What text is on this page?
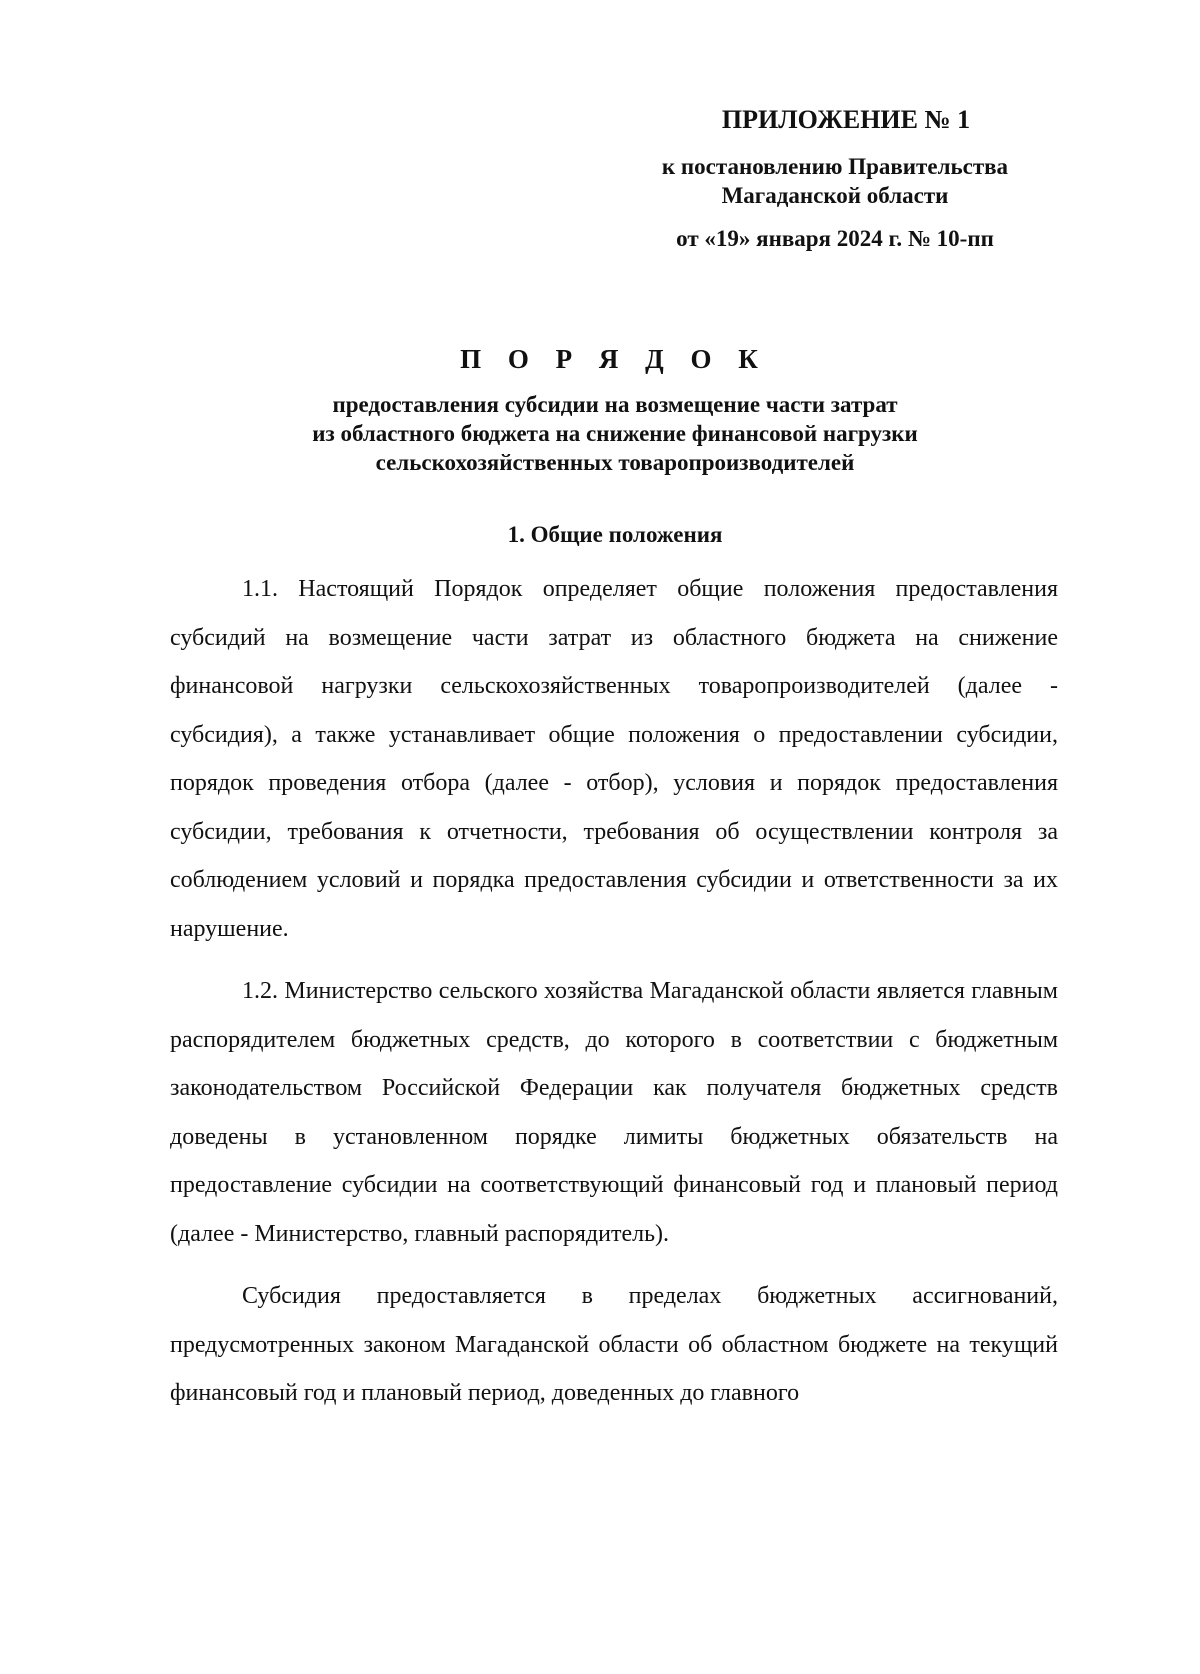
ПРИЛОЖЕНИЕ № 1

к постановлению Правительства

Магаданской области

от «19» января 2024 г. № 10-пп

П О Р Я Д О К
предоставления субсидии на возмещение части затрат
из областного бюджета на снижение финансовой нагрузки
сельскохозяйственных товаропроизводителей
1. Общие положения

1.1. Настоящий Порядок определяет общие положения предоставления субсидий на возмещение части затрат из областного бюджета на снижение финансовой нагрузки сельскохозяйственных товаропроизводителей (далее - субсидия), а также устанавливает общие положения о предоставлении субсидии, порядок проведения отбора (далее - отбор), условия и порядок предоставления субсидии, требования к отчетности, требования об осуществлении контроля за соблюдением условий и порядка предоставления субсидии и ответственности за их нарушение.

1.2. Министерство сельского хозяйства Магаданской области является главным распорядителем бюджетных средств, до которого в соответствии с бюджетным законодательством Российской Федерации как получателя бюджетных средств доведены в установленном порядке лимиты бюджетных обязательств на предоставление субсидии на соответствующий финансовый год и плановый период (далее - Министерство, главный распорядитель).

Субсидия предоставляется в пределах бюджетных ассигнований, предусмотренных законом Магаданской области об областном бюджете на текущий финансовый год и плановый период, доведенных до главного
